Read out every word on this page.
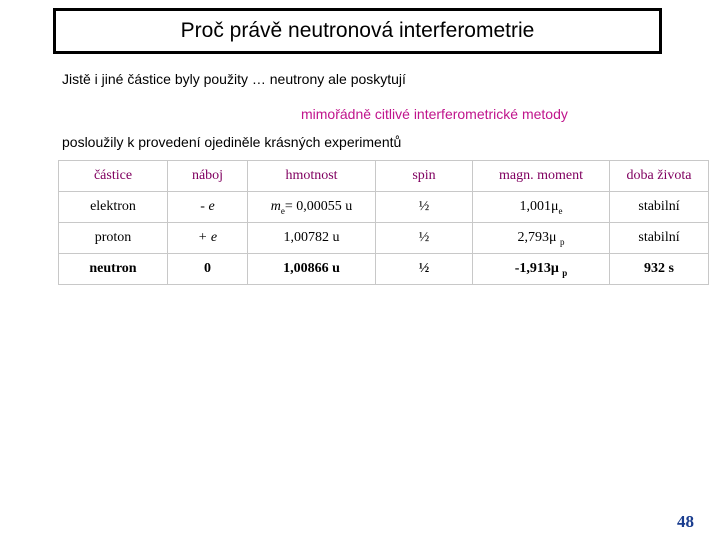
Proč právě neutronová interferometrie
Jistě i jiné částice byly použity … neutrony ale poskytují
mimořádně citlivé interferometrické metody
posloužily k provedení ojediněle krásných experimentů
částice	náboj	hmotnost	spin	magn. moment	doba života
elektron	- e	$m_e= 0,00055$ u	½	$1,001\mu_e$	stabilní
proton	+ e	1,00782 u	½	2,793μ $_p$	stabilní
neutron	0	1,00866 u	½	-1,913μ $_p$	932 s
48
